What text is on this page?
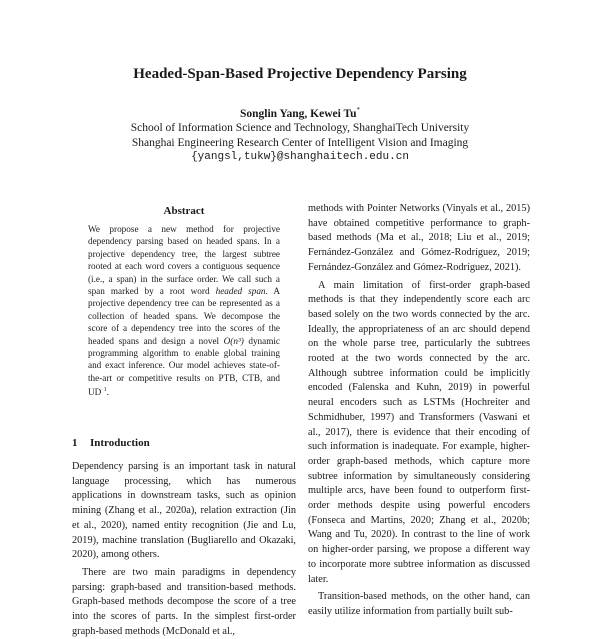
Headed-Span-Based Projective Dependency Parsing
Songlin Yang, Kewei Tu*
School of Information Science and Technology, ShanghaiTech University
Shanghai Engineering Research Center of Intelligent Vision and Imaging
{yangsl,tukw}@shanghaitech.edu.cn
Abstract
We propose a new method for projective dependency parsing based on headed spans. In a projective dependency tree, the largest subtree rooted at each word covers a contiguous sequence (i.e., a span) in the surface order. We call such a span marked by a root word headed span. A projective dependency tree can be represented as a collection of headed spans. We decompose the score of a dependency tree into the scores of the headed spans and design a novel O(n³) dynamic programming algorithm to enable global training and exact inference. Our model achieves state-of-the-art or competitive results on PTB, CTB, and UD $^1$.
1 Introduction

Dependency parsing is an important task in natural language processing, which has numerous applications in downstream tasks, such as opinion mining (Zhang et al., 2020a), relation extraction (Jin et al., 2020), named entity recognition (Jie and Lu, 2019), machine translation (Bugliarello and Okazaki, 2020), among others.

There are two main paradigms in dependency parsing: graph-based and transition-based methods. Graph-based methods decompose the score of a tree into the scores of parts. In the simplest first-order graph-based methods (McDonald et al.,

methods with Pointer Networks (Vinyals et al., 2015) have obtained competitive performance to graph-based methods (Ma et al., 2018; Liu et al., 2019; Fernández-González and Gómez-Rodríguez, 2019; Fernández-González and Gómez-Rodríguez, 2021).

A main limitation of first-order graph-based methods is that they independently score each arc based solely on the two words connected by the arc. Ideally, the appropriateness of an arc should depend on the whole parse tree, particularly the subtrees rooted at the two words connected by the arc. Although subtree information could be implicitly encoded (Falenska and Kuhn, 2019) in powerful neural encoders such as LSTMs (Hochreiter and Schmidhuber, 1997) and Transformers (Vaswani et al., 2017), there is evidence that their encoding of such information is inadequate. For example, higher-order graph-based methods, which capture more subtree information by simultaneously considering multiple arcs, have been found to outperform first-order methods despite using powerful encoders (Fonseca and Martins, 2020; Zhang et al., 2020b; Wang and Tu, 2020). In contrast to the line of work on higher-order parsing, we propose a different way to incorporate more subtree information as discussed later.

Transition-based methods, on the other hand, can easily utilize information from partially built sub-
